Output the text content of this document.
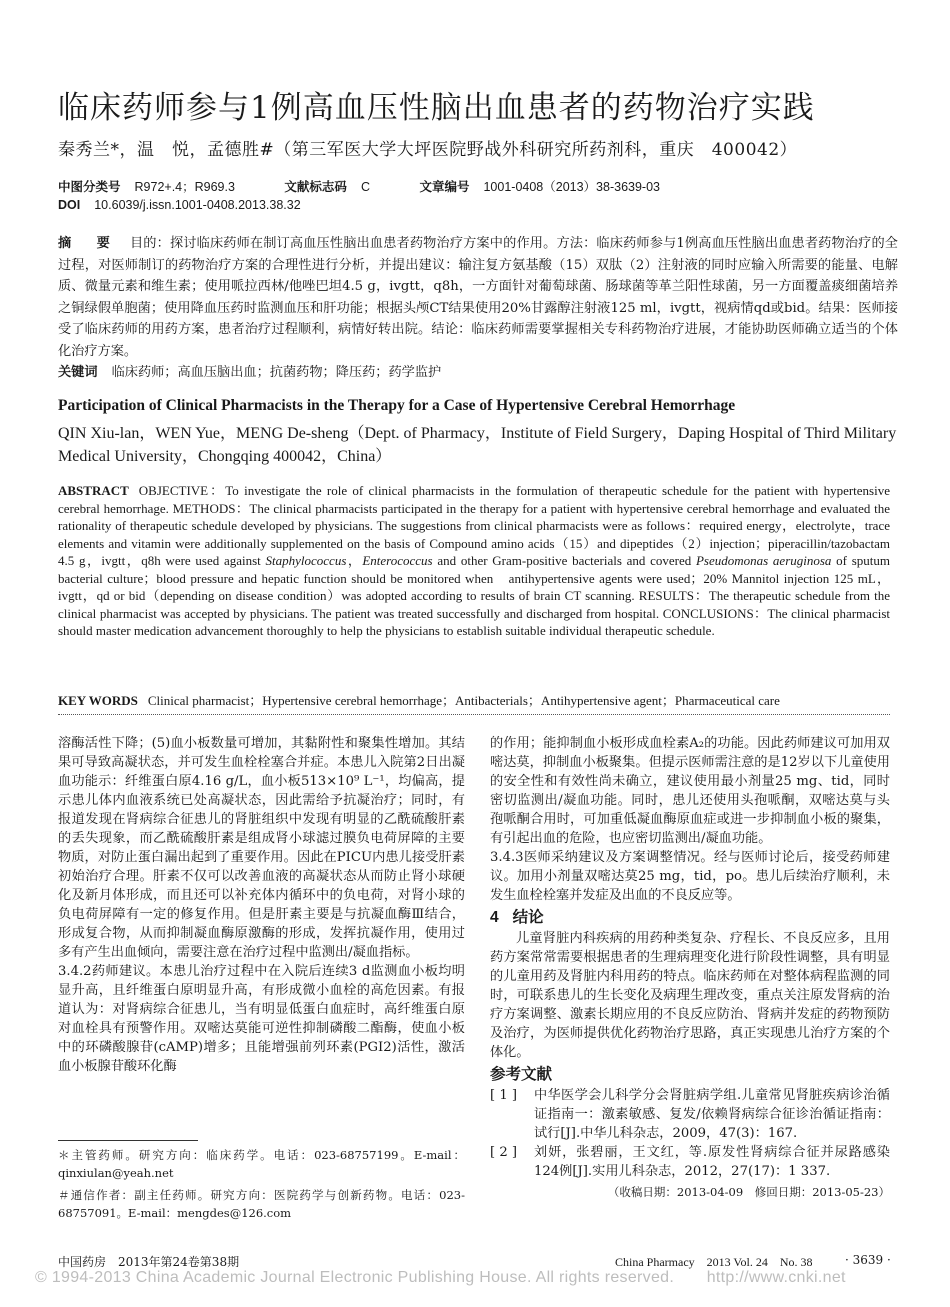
临床药师参与1例高血压性脑出血患者的药物治疗实践
秦秀兰*，温　悦，孟德胜#（第三军医大学大坪医院野战外科研究所药剂科，重庆　400042）
中图分类号 R972+.4；R969.3	文献标志码 C	文章编号 1001-0408（2013）38-3639-03
DOI 10.6039/j.issn.1001-0408.2013.38.32
摘　要 目的：探讨临床药师在制订高血压性脑出血患者药物治疗方案中的作用。方法：临床药师参与1例高血压性脑出血患者药物治疗的全过程，对医师制订的药物治疗方案的合理性进行分析，并提出建议：输注复方氨基酸（15）双肽（2）注射液的同时应输入所需要的能量、电解质、微量元素和维生素；使用哌拉西林/他唑巴坦4.5 g，ivgtt，q8h，一方面针对葡萄球菌、肠球菌等革兰阳性球菌，另一方面覆盖痰细菌培养之铜绿假单胞菌；使用降血压药时监测血压和肝功能；根据头颅CT结果使用20%甘露醇注射液125 ml，ivgtt，视病情qd或bid。结果：医师接受了临床药师的用药方案，患者治疗过程顺利，病情好转出院。结论：临床药师需要掌握相关专科药物治疗进展，才能协助医师确立适当的个体化治疗方案。
关键词 临床药师；高血压脑出血；抗菌药物；降压药；药学监护
Participation of Clinical Pharmacists in the Therapy for a Case of Hypertensive Cerebral Hemorrhage
QIN Xiu-lan，WEN Yue，MENG De-sheng（Dept. of Pharmacy，Institute of Field Surgery，Daping Hospital of Third Military Medical University，Chongqing 400042，China）
ABSTRACT OBJECTIVE：To investigate the role of clinical pharmacists in the formulation of therapeutic schedule for the patient with hypertensive cerebral hemorrhage. METHODS：The clinical pharmacists participated in the therapy for a patient with hypertensive cerebral hemorrhage and evaluated the rationality of therapeutic schedule developed by physicians. The suggestions from clinical pharmacists were as follows：required energy，electrolyte，trace elements and vitamin were additionally supplemented on the basis of Compound amino acids（15）and dipeptides（2）injection；piperacillin/tazobactam 4.5 g，ivgtt，q8h were used against Staphylococcus，Enterococcus and other Gram-positive bacterials and covered Pseudomonas aeruginosa of sputum bacterial culture；blood pressure and hepatic function should be monitored when　antihypertensive agents were used；20% Mannitol injection 125 mL，ivgtt，qd or bid（depending on disease condition）was adopted according to results of brain CT scanning. RESULTS：The therapeutic schedule from the clinical pharmacist was accepted by physicians. The patient was treated successfully and discharged from hospital. CONCLUSIONS：The clinical pharmacist should master medication advancement thoroughly to help the physicians to establish suitable individual therapeutic schedule.
KEY WORDS Clinical pharmacist；Hypertensive cerebral hemorrhage；Antibacterials；Antihypertensive agent；Pharmaceutical care

溶酶活性下降；(5)血小板数量可增加，其黏附性和聚集性增加。其结果可导致高凝状态，并可发生血栓栓塞合并症。本患儿入院第2日出凝血功能示：纤维蛋白原4.16 g/L，血小板513×10⁹ L⁻¹，均偏高，提示患儿体内血液系统已处高凝状态，因此需给予抗凝治疗；同时，有报道发现在肾病综合征患儿的肾脏组织中发现有明显的乙酰硫酸肝素的丢失现象，而乙酰硫酸肝素是组成肾小球滤过膜负电荷屏障的主要物质，对防止蛋白漏出起到了重要作用。因此在PICU内患儿接受肝素初始治疗合理。肝素不仅可以改善血液的高凝状态从而防止肾小球硬化及新月体形成，而且还可以补充体内循环中的负电荷，对肾小球的负电荷屏障有一定的修复作用。但是肝素主要是与抗凝血酶Ⅲ结合，形成复合物，从而抑制凝血酶原激酶的形成，发挥抗凝作用，使用过多有产生出血倾向，需要注意在治疗过程中监测出/凝血指标。

3.4.2药师建议。本患儿治疗过程中在入院后连续3 d监测血小板均明显升高，且纤维蛋白原明显升高，有形成微小血栓的高危因素。有报道认为：对肾病综合征患儿，当有明显低蛋白血症时，高纤维蛋白原对血栓具有预警作用。双嘧达莫能可逆性抑制磷酸二酯酶，使血小板中的环磷酸腺苷(cAMP)增多；且能增强前列环素(PGI2)活性，激活血小板腺苷酸环化酶

＊主管药师。研究方向：临床药学。电话：023-68757199。E-mail：qinxiulan@yeah.net
＃通信作者：副主任药师。研究方向：医院药学与创新药物。电话：023-68757091。E-mail：mengdes@126.com

的作用；能抑制血小板形成血栓素A₂的功能。因此药师建议可加用双嘧达莫，抑制血小板聚集。但提示医师需注意的是12岁以下儿童使用的安全性和有效性尚未确立，建议使用最小剂量25 mg、tid，同时密切监测出/凝血功能。同时，患儿还使用头孢哌酮，双嘧达莫与头孢哌酮合用时，可加重低凝血酶原血症或进一步抑制血小板的聚集，有引起出血的危险，也应密切监测出/凝血功能。

3.4.3医师采纳建议及方案调整情况。经与医师讨论后，接受药师建议。加用小剂量双嘧达莫25 mg，tid，po。患儿后续治疗顺利，未发生血栓栓塞并发症及出血的不良反应等。

4 结论

儿童肾脏内科疾病的用药种类复杂、疗程长、不良反应多，且用药方案常常需要根据患者的生理病理变化进行阶段性调整，具有明显的儿童用药及肾脏内科用药的特点。临床药师在对整体病程监测的同时，可联系患儿的生长变化及病理生理改变，重点关注原发肾病的治疗方案调整、激素长期应用的不良反应防治、肾病并发症的药物预防及治疗，为医师提供优化药物治疗思路，真正实现患儿治疗方案的个体化。

参考文献

[ 1 ]	中华医学会儿科学分会肾脏病学组.儿童常见肾脏疾病诊治循证指南一：激素敏感、复发/依赖肾病综合征诊治循证指南：试行[J].中华儿科杂志，2009，47(3)：167.

[ 2 ]	刘妍，张碧丽，王文红，等.原发性肾病综合征并尿路感染124例[J].实用儿科杂志，2012，27(17)：1 337.

（收稿日期：2013-04-09　修回日期：2013-05-23）

中国药房　2013年第24卷第38期	China Pharmacy　2013 Vol. 24　No. 38	· 3639 ·
© 1994-2013 China Academic Journal Electronic Publishing House. All rights reserved.　　http://www.cnki.net
